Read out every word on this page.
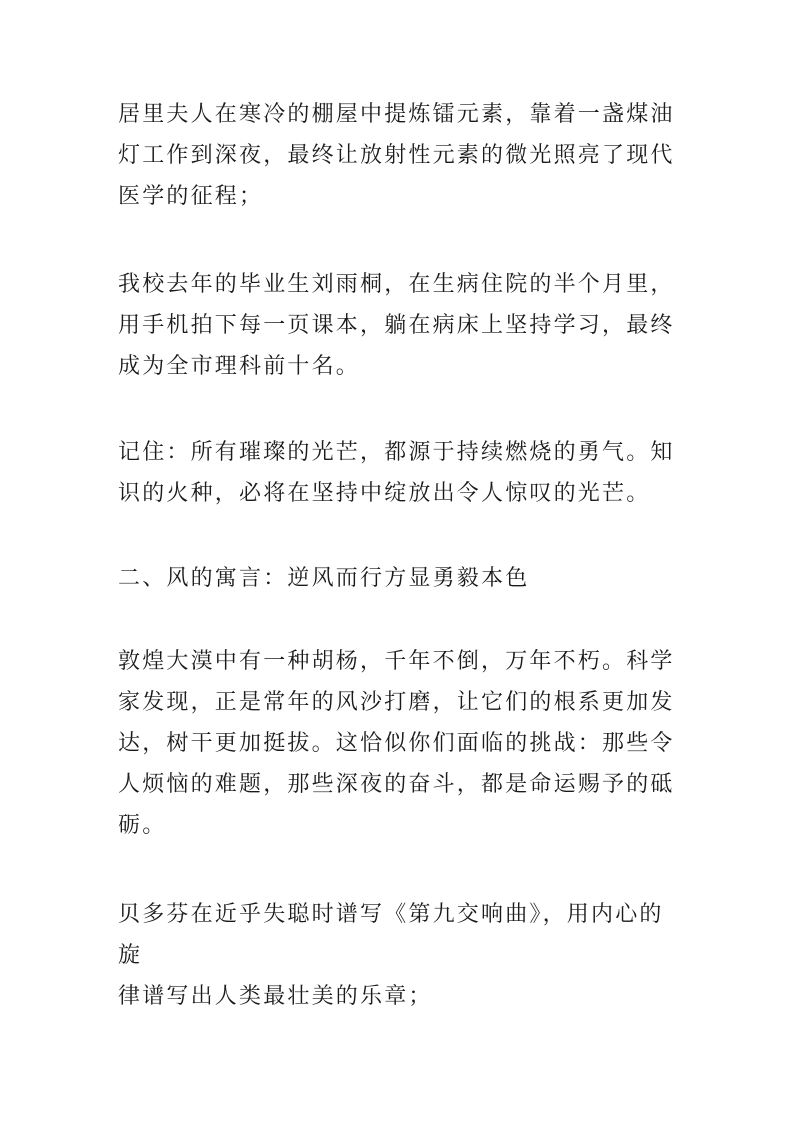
居里夫人在寒冷的棚屋中提炼镭元素，靠着一盏煤油
灯工作到深夜，最终让放射性元素的微光照亮了现代
医学的征程；

我校去年的毕业生刘雨桐，在生病住院的半个月里，
用手机拍下每一页课本，躺在病床上坚持学习，最终
成为全市理科前十名。

记住：所有璀璨的光芒，都源于持续燃烧的勇气。知
识的火种，必将在坚持中绽放出令人惊叹的光芒。

二、风的寓言：逆风而行方显勇毅本色

敦煌大漠中有一种胡杨，千年不倒，万年不朽。科学
家发现，正是常年的风沙打磨，让它们的根系更加发
达，树干更加挺拔。这恰似你们面临的挑战：那些令
人烦恼的难题，那些深夜的奋斗，都是命运赐予的砥
砺。

贝多芬在近乎失聪时谱写《第九交响曲》，用内心的旋
律谱写出人类最壮美的乐章；
